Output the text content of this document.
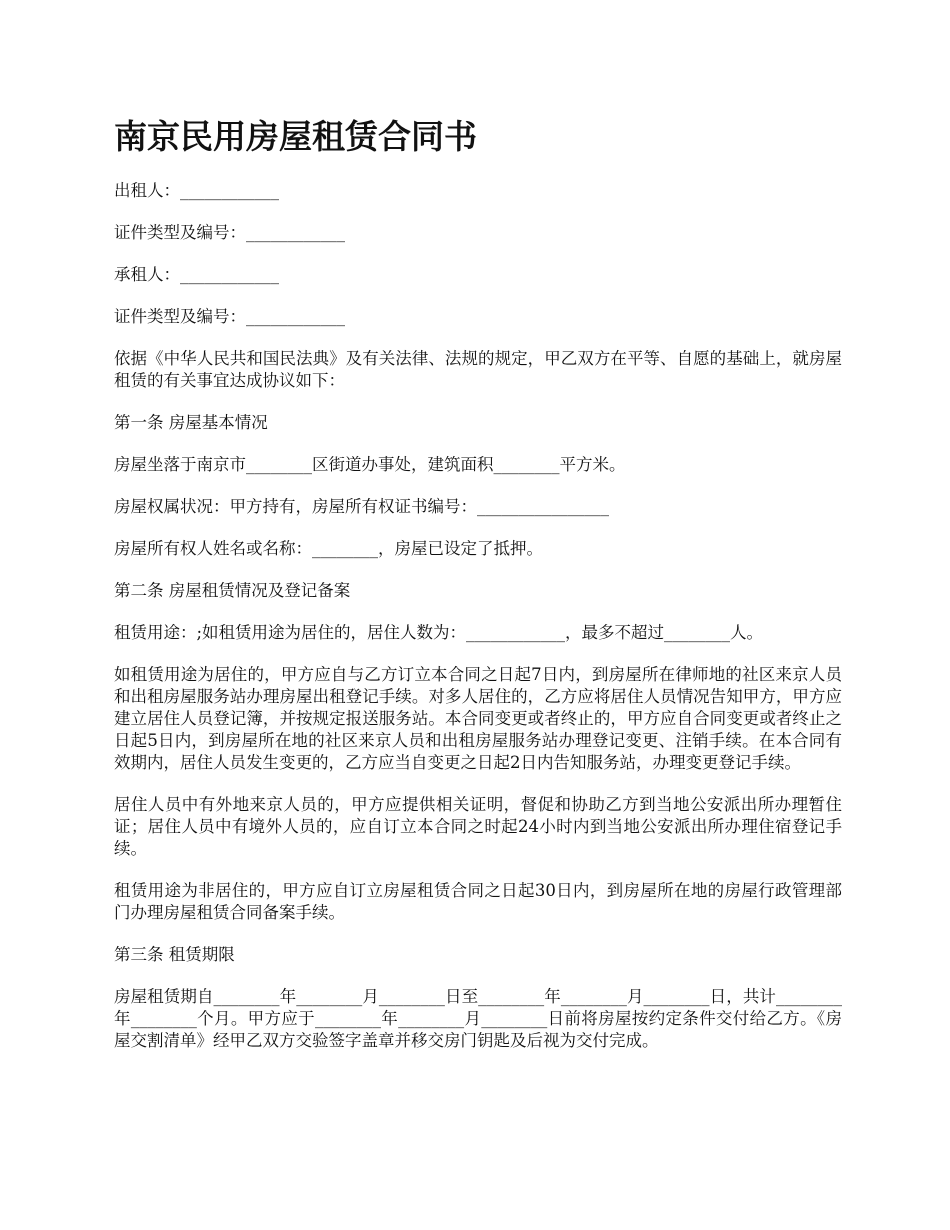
南京民用房屋租赁合同书

出租人：____________

证件类型及编号：____________

承租人：____________

证件类型及编号：____________

依据《中华人民共和国民法典》及有关法律、法规的规定，甲乙双方在平等、自愿的基础上，就房屋租赁的有关事宜达成协议如下：

第一条 房屋基本情况

房屋坐落于南京市________区街道办事处，建筑面积________平方米。

房屋权属状况：甲方持有，房屋所有权证书编号：________________

房屋所有权人姓名或名称：________，房屋已设定了抵押。

第二条 房屋租赁情况及登记备案

租赁用途：;如租赁用途为居住的，居住人数为：____________，最多不超过________人。

如租赁用途为居住的，甲方应自与乙方订立本合同之日起7日内，到房屋所在律师地的社区来京人员和出租房屋服务站办理房屋出租登记手续。对多人居住的，乙方应将居住人员情况告知甲方，甲方应建立居住人员登记簿，并按规定报送服务站。本合同变更或者终止的，甲方应自合同变更或者终止之日起5日内，到房屋所在地的社区来京人员和出租房屋服务站办理登记变更、注销手续。在本合同有效期内，居住人员发生变更的，乙方应当自变更之日起2日内告知服务站，办理变更登记手续。

居住人员中有外地来京人员的，甲方应提供相关证明，督促和协助乙方到当地公安派出所办理暂住证；居住人员中有境外人员的，应自订立本合同之时起24小时内到当地公安派出所办理住宿登记手续。

租赁用途为非居住的，甲方应自订立房屋租赁合同之日起30日内，到房屋所在地的房屋行政管理部门办理房屋租赁合同备案手续。

第三条 租赁期限

房屋租赁期自________年________月________日至________年________月________日，共计________年________个月。甲方应于________年________月________日前将房屋按约定条件交付给乙方。《房屋交割清单》经甲乙双方交验签字盖章并移交房门钥匙及后视为交付完成。
